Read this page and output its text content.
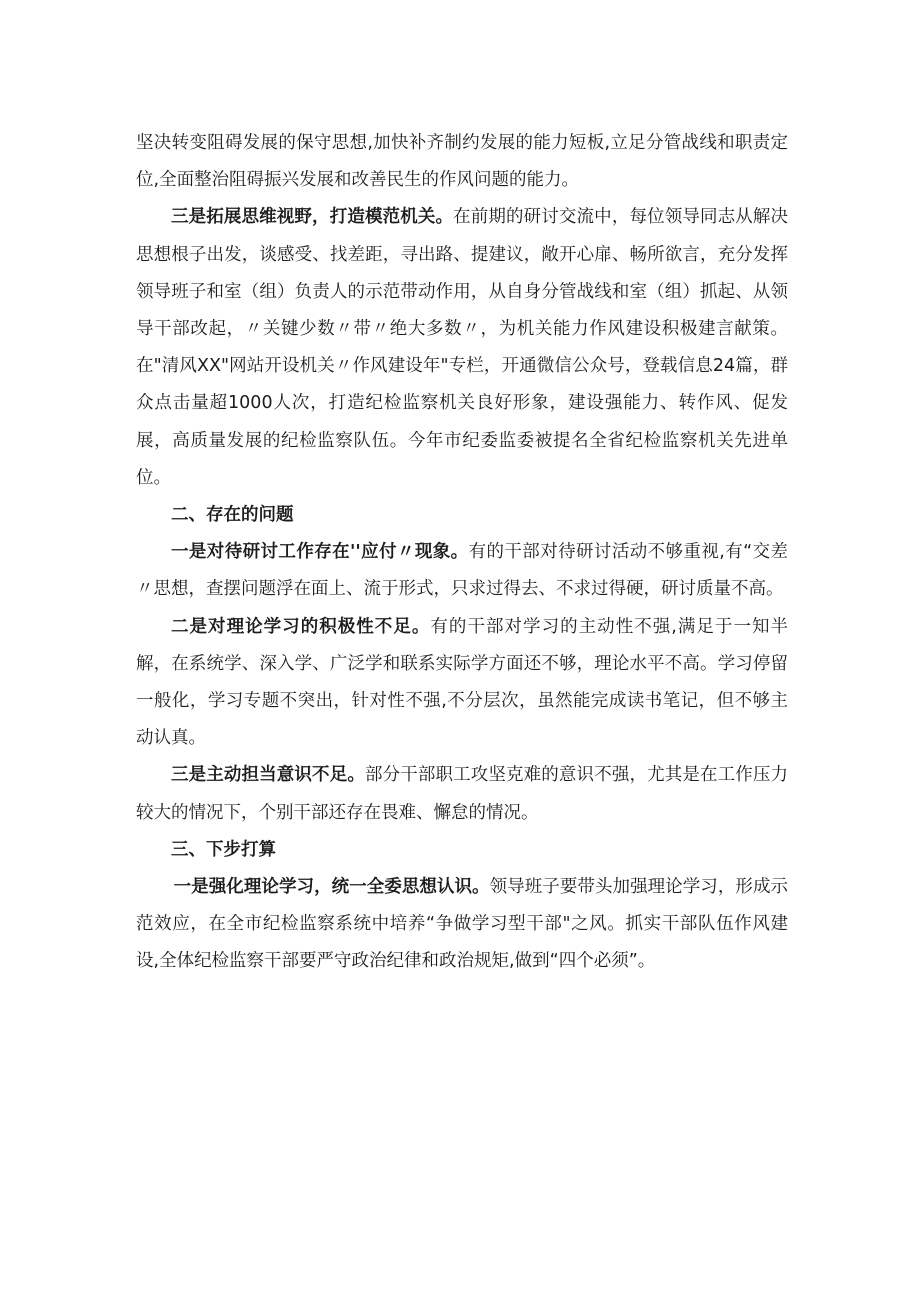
坚决转变阻碍发展的保守思想,加快补齐制约发展的能力短板,立足分管战线和职责定位,全面整治阻碍振兴发展和改善民生的作风问题的能力。

三是拓展思维视野，打造模范机关。在前期的研讨交流中，每位领导同志从解决思想根子出发，谈感受、找差距，寻出路、提建议，敞开心扉、畅所欲言，充分发挥领导班子和室（组）负责人的示范带动作用，从自身分管战线和室（组）抓起、从领导干部改起，〃关键少数〃带〃绝大多数〃，为机关能力作风建设积极建言献策。在"清风XX"网站开设机关〃作风建设年"专栏，开通微信公众号，登载信息24篇，群众点击量超1000人次，打造纪检监察机关良好形象，建设强能力、转作风、促发展，高质量发展的纪检监察队伍。今年市纪委监委被提名全省纪检监察机关先进单位。

二、存在的问题

一是对待研讨工作存在''应付〃现象。有的干部对待研讨活动不够重视,有“交差〃思想，查摆问题浮在面上、流于形式，只求过得去、不求过得硬，研讨质量不高。

二是对理论学习的积极性不足。有的干部对学习的主动性不强,满足于一知半解，在系统学、深入学、广泛学和联系实际学方面还不够，理论水平不高。学习停留一般化，学习专题不突出，针对性不强,不分层次，虽然能完成读书笔记，但不够主动认真。

三是主动担当意识不足。部分干部职工攻坚克难的意识不强，尤其是在工作压力较大的情况下，个别干部还存在畏难、懈怠的情况。

三、下步打算

一是强化理论学习，统一全委思想认识。领导班子要带头加强理论学习，形成示范效应，在全市纪检监察系统中培养“争做学习型干部"之风。抓实干部队伍作风建设,全体纪检监察干部要严守政治纪律和政治规矩,做到“四个必须”。
